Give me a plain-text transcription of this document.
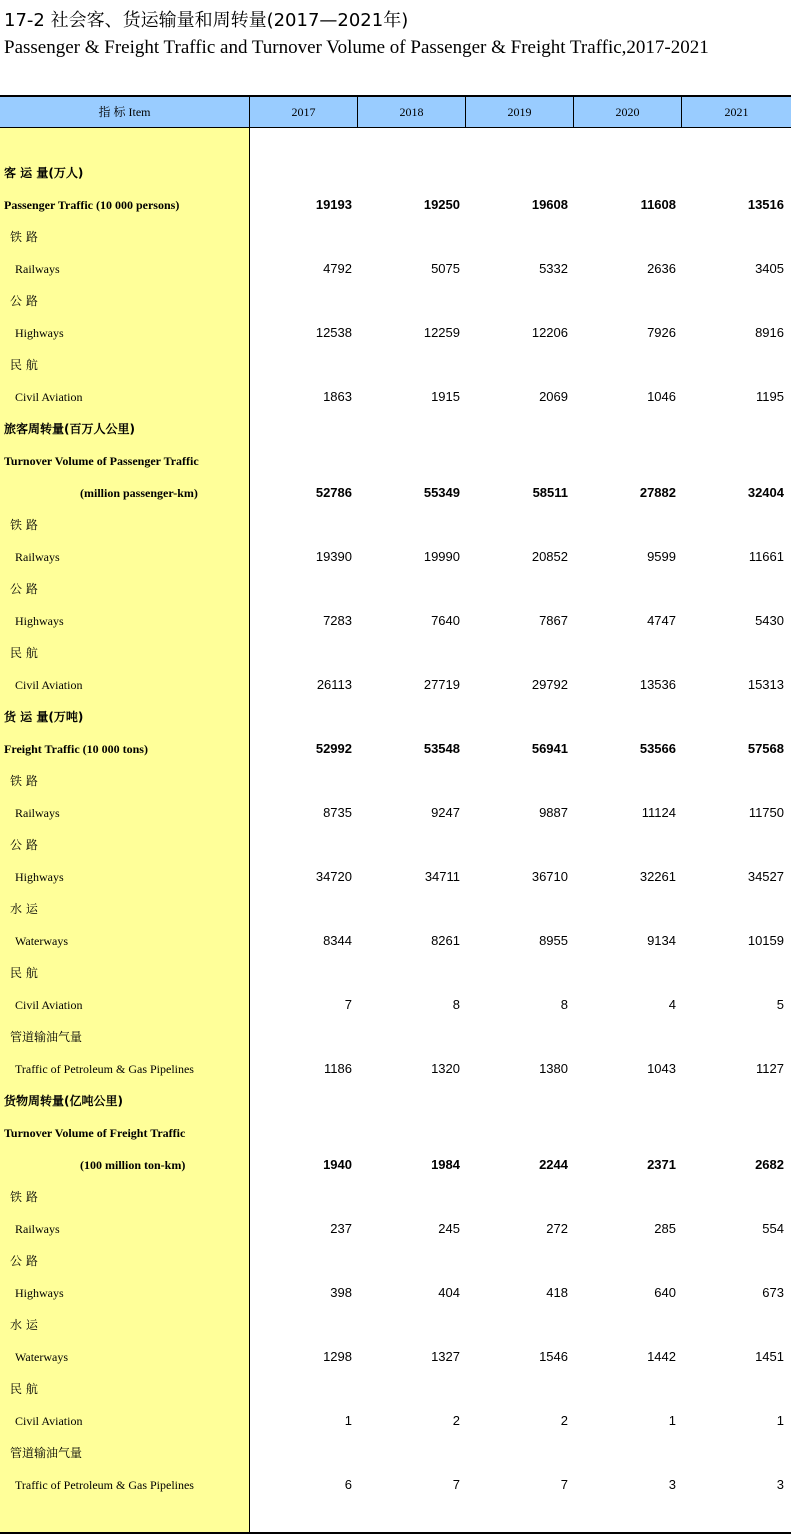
17-2 社会客、货运输量和周转量(2017—2021年)
Passenger & Freight Traffic and Turnover Volume of Passenger & Freight Traffic,2017-2021
指 标 Item	2017	2018	2019	2020	2021
客 运 量(万人)
Passenger Traffic (10 000 persons)	19193	19250	19608	11608	13516
铁 路
Railways	4792	5075	5332	2636	3405
公 路
Highways	12538	12259	12206	7926	8916
民 航
Civil Aviation	1863	1915	2069	1046	1195
旅客周转量(百万人公里)
Turnover Volume of Passenger Traffic
(million passenger-km)	52786	55349	58511	27882	32404
铁 路
Railways	19390	19990	20852	9599	11661
公 路
Highways	7283	7640	7867	4747	5430
民 航
Civil Aviation	26113	27719	29792	13536	15313
货 运 量(万吨)
Freight Traffic (10 000 tons)	52992	53548	56941	53566	57568
铁 路
Railways	8735	9247	9887	11124	11750
公 路
Highways	34720	34711	36710	32261	34527
水 运
Waterways	8344	8261	8955	9134	10159
民 航
Civil Aviation	7	8	8	4	5
管道输油气量
Traffic of Petroleum & Gas Pipelines	1186	1320	1380	1043	1127
货物周转量(亿吨公里)
Turnover Volume of Freight Traffic
(100 million ton-km)	1940	1984	2244	2371	2682
铁 路
Railways	237	245	272	285	554
公 路
Highways	398	404	418	640	673
水 运
Waterways	1298	1327	1546	1442	1451
民 航
Civil Aviation	1	2	2	1	1
管道输油气量
Traffic of Petroleum & Gas Pipelines	6	7	7	3	3
